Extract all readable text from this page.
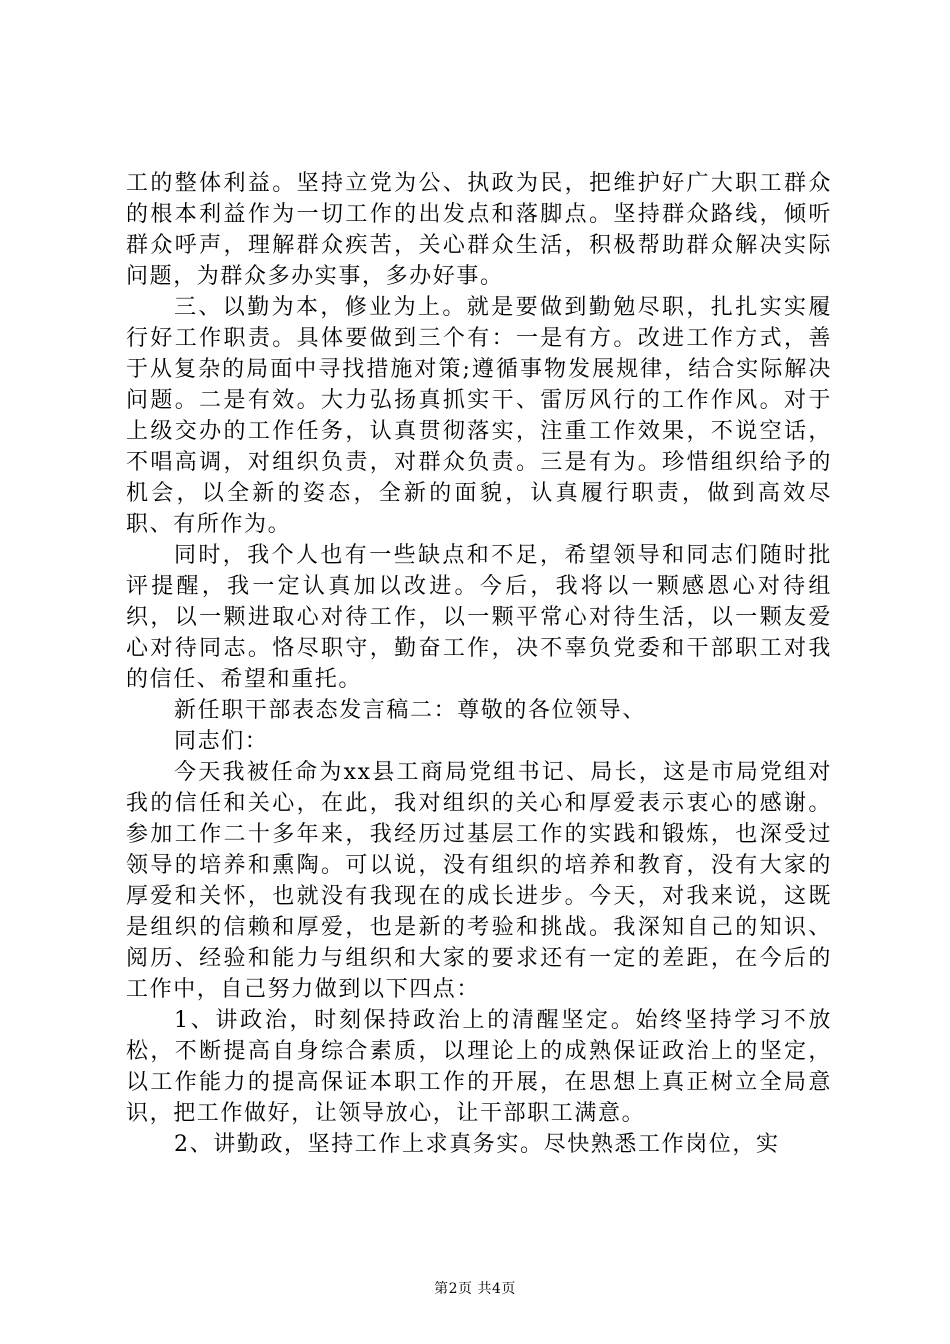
工的整体利益。坚持立党为公、执政为民，把维护好广大职工群众的根本利益作为一切工作的出发点和落脚点。坚持群众路线，倾听群众呼声，理解群众疾苦，关心群众生活，积极帮助群众解决实际问题，为群众多办实事，多办好事。

三、以勤为本，修业为上。就是要做到勤勉尽职，扎扎实实履行好工作职责。具体要做到三个有：一是有方。改进工作方式，善于从复杂的局面中寻找措施对策;遵循事物发展规律，结合实际解决问题。二是有效。大力弘扬真抓实干、雷厉风行的工作作风。对于上级交办的工作任务，认真贯彻落实，注重工作效果，不说空话，不唱高调，对组织负责，对群众负责。三是有为。珍惜组织给予的机会，以全新的姿态，全新的面貌，认真履行职责，做到高效尽职、有所作为。

同时，我个人也有一些缺点和不足，希望领导和同志们随时批评提醒，我一定认真加以改进。今后，我将以一颗感恩心对待组织，以一颗进取心对待工作，以一颗平常心对待生活，以一颗友爱心对待同志。恪尽职守，勤奋工作，决不辜负党委和干部职工对我的信任、希望和重托。

新任职干部表态发言稿二：尊敬的各位领导、

同志们：

今天我被任命为xx县工商局党组书记、局长，这是市局党组对我的信任和关心，在此，我对组织的关心和厚爱表示衷心的感谢。参加工作二十多年来，我经历过基层工作的实践和锻炼，也深受过领导的培养和熏陶。可以说，没有组织的培养和教育，没有大家的厚爱和关怀，也就没有我现在的成长进步。今天，对我来说，这既是组织的信赖和厚爱，也是新的考验和挑战。我深知自己的知识、阅历、经验和能力与组织和大家的要求还有一定的差距，在今后的工作中，自己努力做到以下四点：

1、讲政治，时刻保持政治上的清醒坚定。始终坚持学习不放松，不断提高自身综合素质，以理论上的成熟保证政治上的坚定，以工作能力的提高保证本职工作的开展，在思想上真正树立全局意识，把工作做好，让领导放心，让干部职工满意。

2、讲勤政，坚持工作上求真务实。尽快熟悉工作岗位，实

第2页 共4页
